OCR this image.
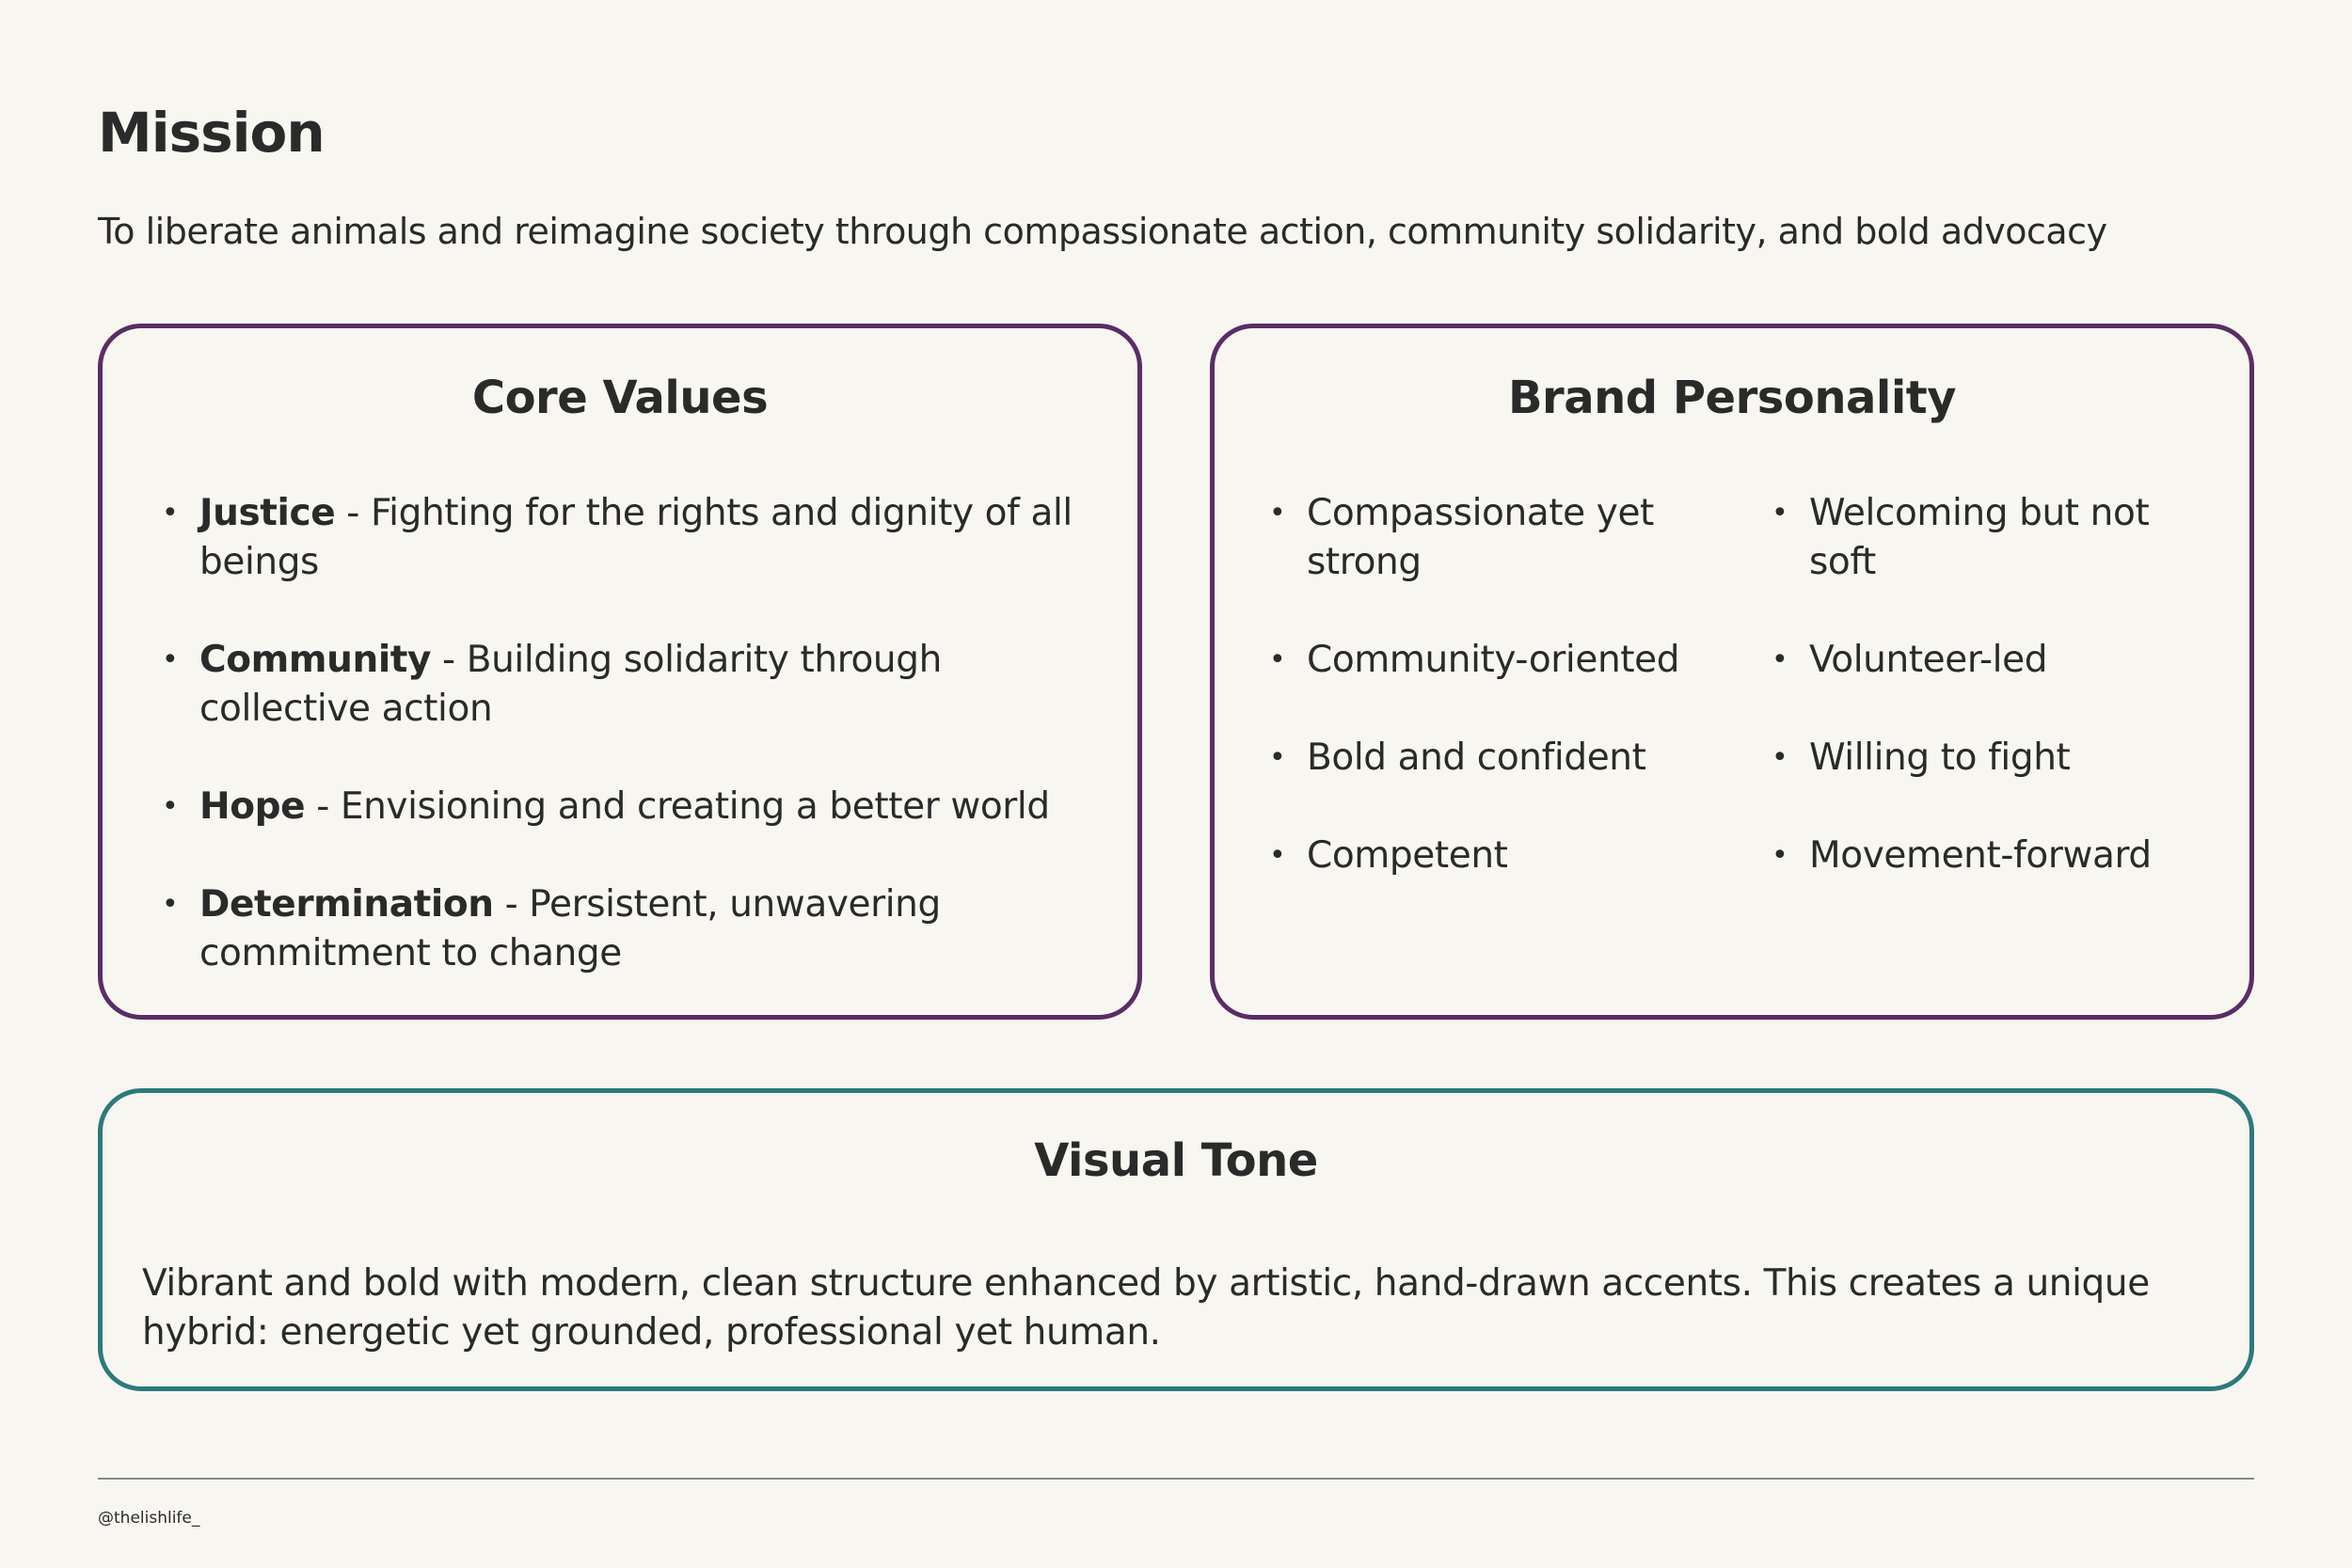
Mission

To liberate animals and reimagine society through compassionate action, community solidarity, and bold advocacy

Core Values
• Justice - Fighting for the rights and dignity of all beings
• Community - Building solidarity through collective action
• Hope - Envisioning and creating a better world
• Determination - Persistent, unwavering commitment to change
Brand Personality
• Compassionate yet strong
• Community-oriented
• Bold and confident
• Competent
• Welcoming but not soft
• Volunteer-led
• Willing to fight
• Movement-forward
Visual Tone

Vibrant and bold with modern, clean structure enhanced by artistic, hand-drawn accents. This creates a unique hybrid: energetic yet grounded, professional yet human.

@thelishlife_
